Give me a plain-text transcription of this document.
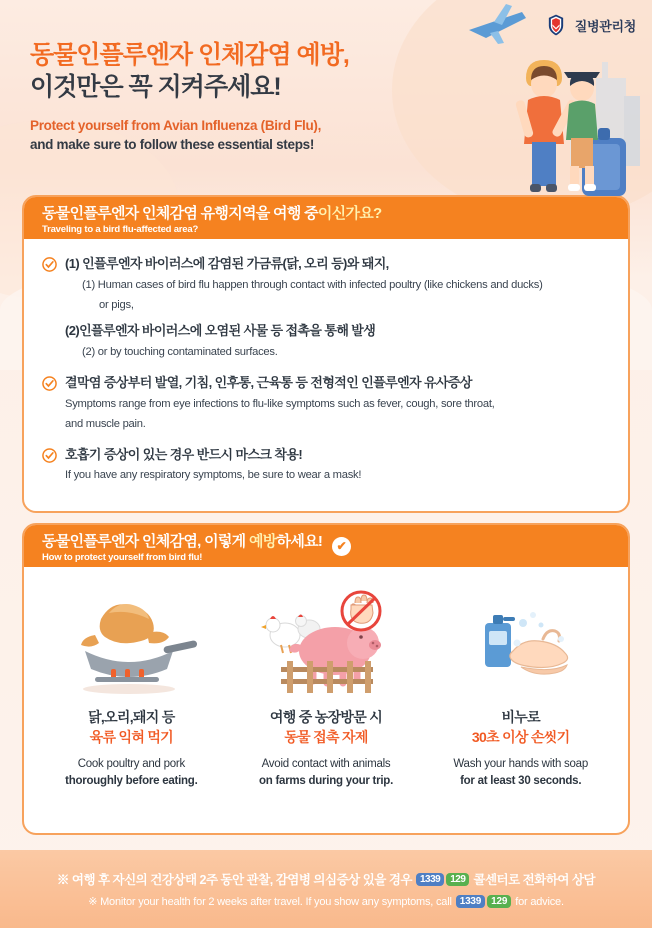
질병관리청
동물인플루엔자 인체감염 예방,
이것만은 꼭 지켜주세요!
Protect yourself from Avian Influenza (Bird Flu),
and make sure to follow these essential steps!
동물인플루엔자 인체감염 유행지역을 여행 중이신가요?
Traveling to a bird flu-affected area?
(1) 인플루엔자 바이러스에 감염된 가금류(닭, 오리 등)와 돼지,
(1) Human cases of bird flu happen through contact with infected poultry (like chickens and ducks)
or pigs,
(2)인플루엔자 바이러스에 오염된 사물 등 접촉을 통해 발생
(2) or by touching contaminated surfaces.
결막염 증상부터 발열, 기침, 인후통, 근육통 등 전형적인 인플루엔자 유사증상
Symptoms range from eye infections to flu-like symptoms such as fever, cough, sore throat,
and muscle pain.
호흡기 증상이 있는 경우 반드시 마스크 착용!
If you have any respiratory symptoms, be sure to wear a mask!
동물인플루엔자 인체감염, 이렇게 예방하세요!
How to protect yourself from bird flu!
✔
닭,오리,돼지 등
육류 익혀 먹기
Cook poultry and pork
thoroughly before eating.
여행 중 농장방문 시
동물 접촉 자제
Avoid contact with animals
on farms during your trip.
비누로
30초 이상 손씻기
Wash your hands with soap
for at least 30 seconds.
※ 여행 후 자신의 건강상태 2주 동안 관찰, 감염병 의심증상 있을 경우 1339	129 콜센터로 전화하여 상담
※ Monitor your health for 2 weeks after travel. If you show any symptoms, call 1339	129 for advice.
